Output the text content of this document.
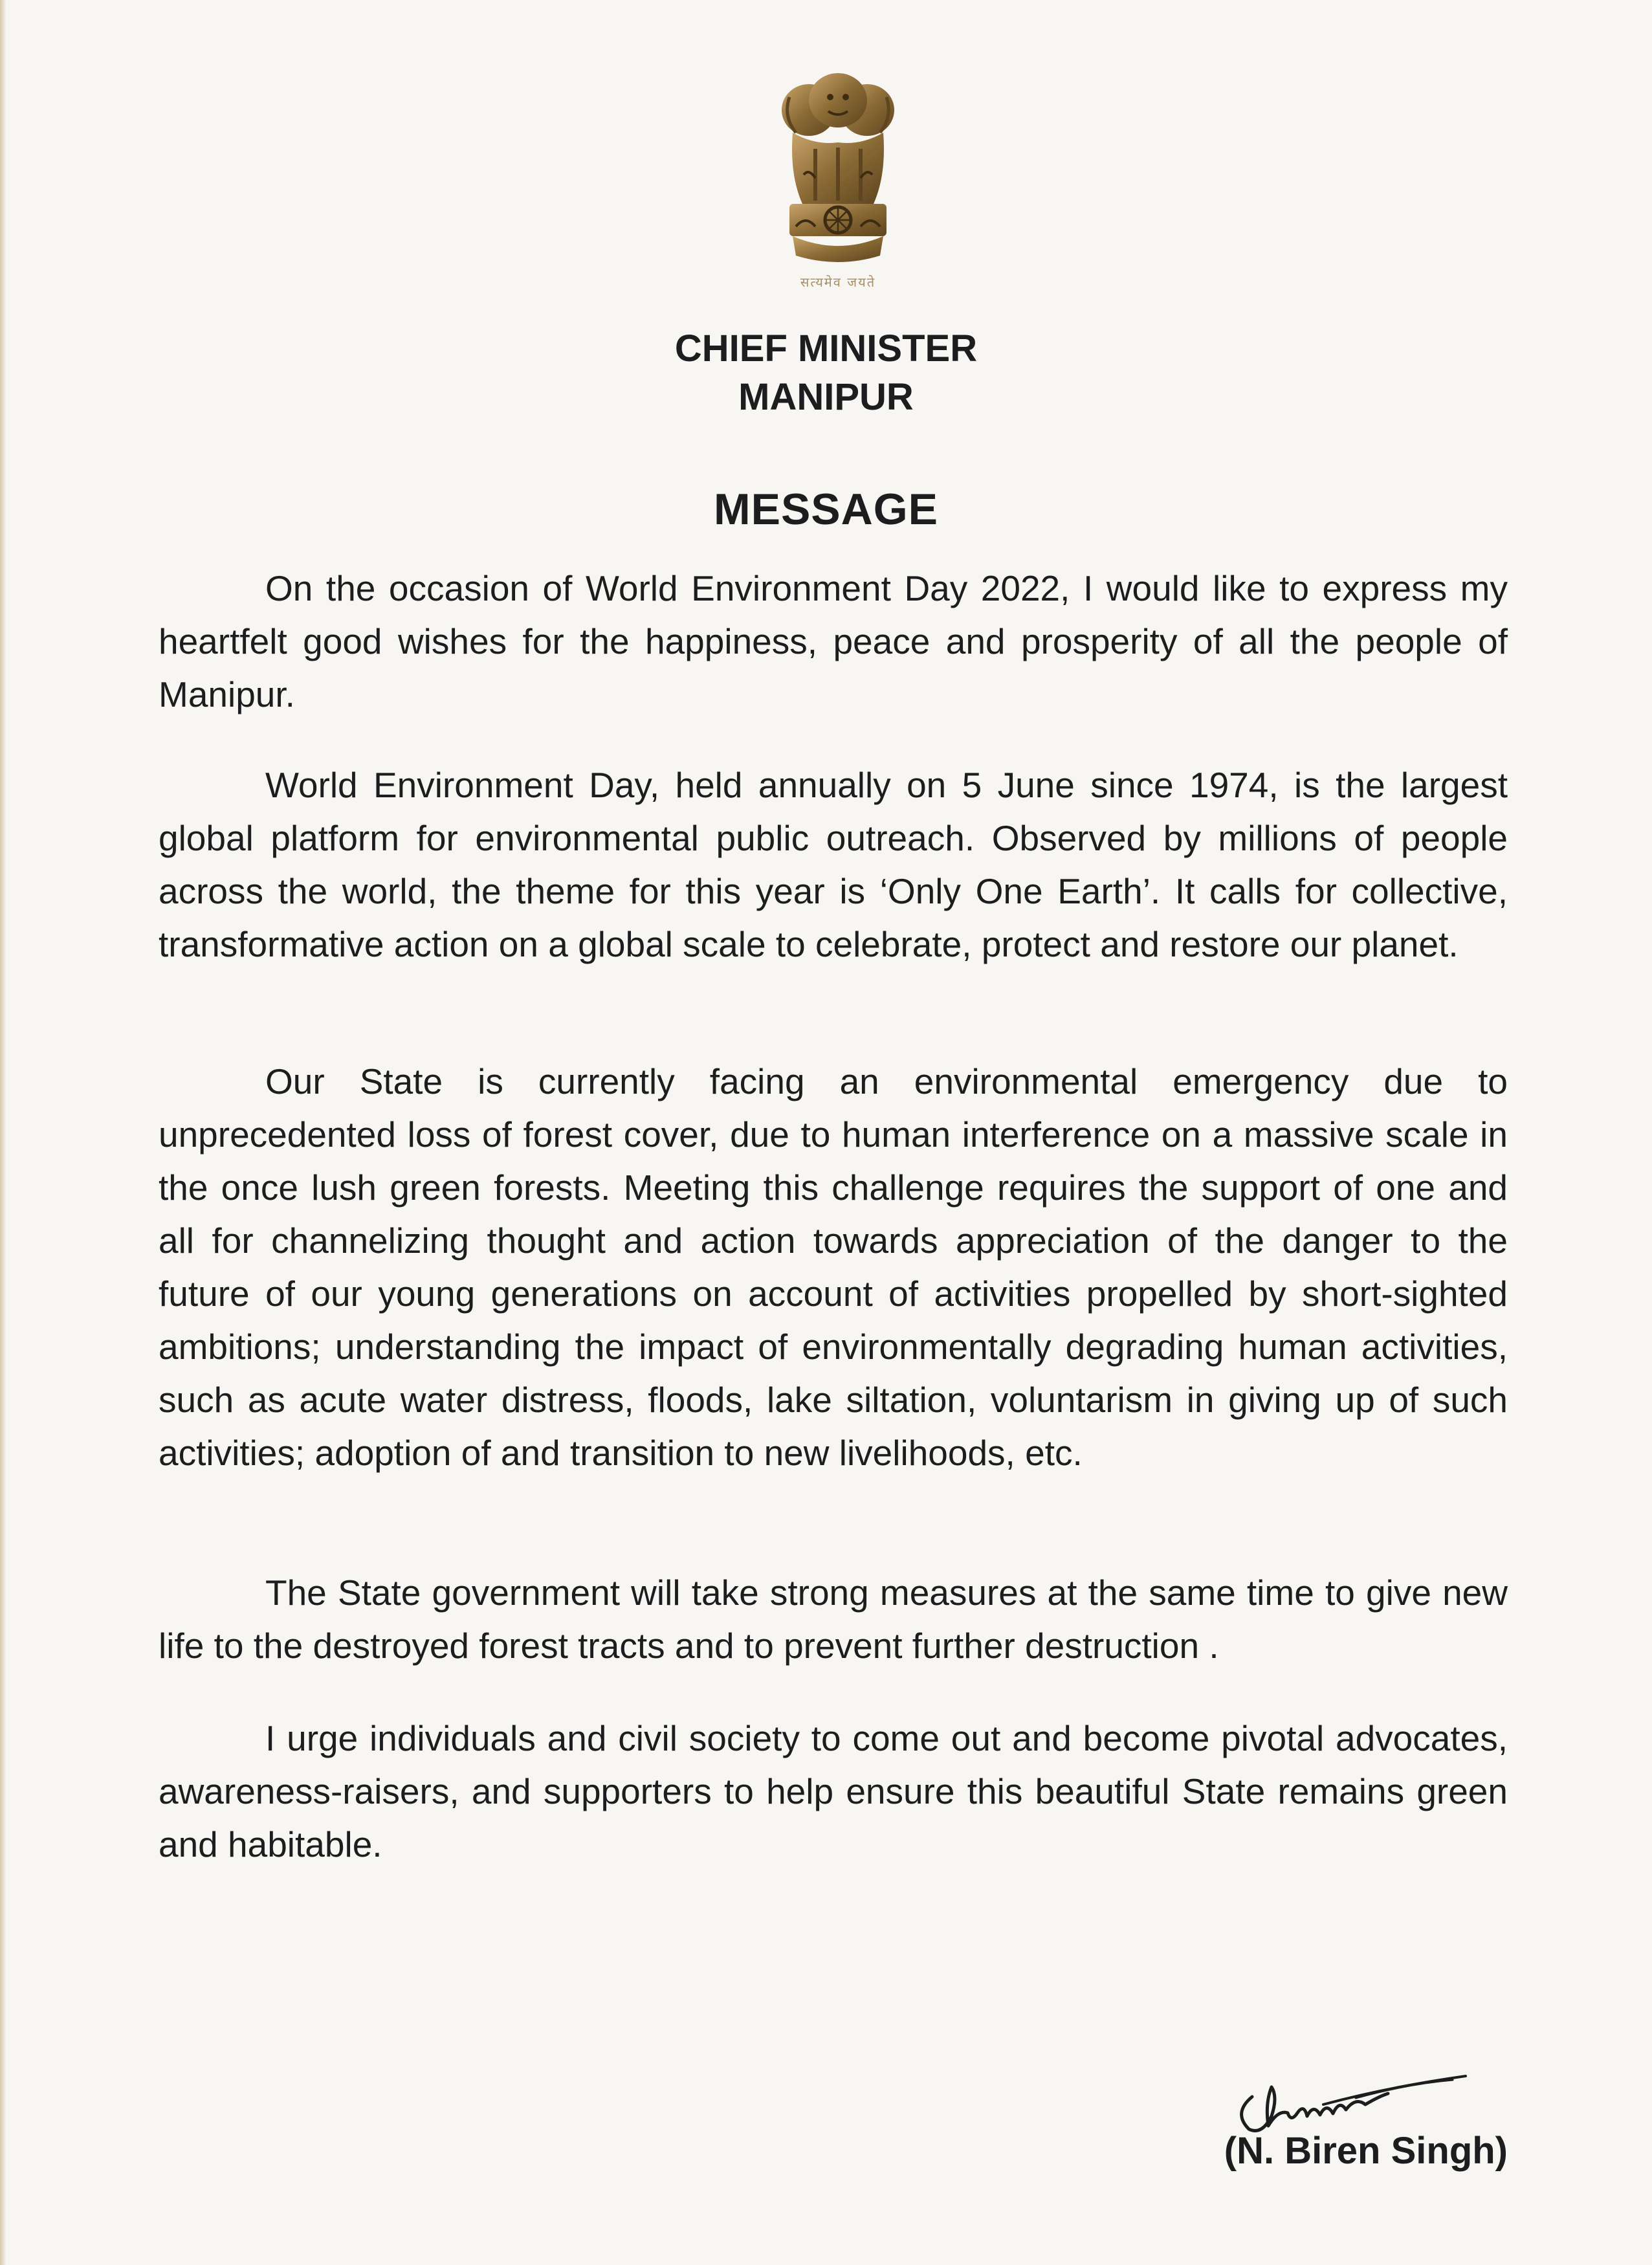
सत्यमेव जयते
CHIEF MINISTER
MANIPUR
MESSAGE

On the occasion of World Environment Day 2022, I would like to express my heartfelt good wishes for the happiness, peace and prosperity of all the people of Manipur.

World Environment Day, held annually on 5 June since 1974, is the largest global platform for environmental public outreach. Observed by millions of people across the world, the theme for this year is ‘Only One Earth’. It calls for collective, transformative action on a global scale to celebrate, protect and restore our planet.

Our State is currently facing an environmental emergency due to unprecedented loss of forest cover, due to human interference on a massive scale in the once lush green forests. Meeting this challenge requires the support of one and all for channelizing thought and action towards appreciation of the danger to the future of our young generations on account of activities propelled by short-sighted ambitions; understanding the impact of environmentally degrading human activities, such as acute water distress, floods, lake siltation, voluntarism in giving up of such activities; adoption of and transition to new livelihoods, etc.

The State government will take strong measures at the same time to give new life to the destroyed forest tracts and to prevent further destruction .

I urge individuals and civil society to come out and become pivotal advocates, awareness-raisers, and supporters to help ensure this beautiful State remains green and habitable.

(N. Biren Singh)
